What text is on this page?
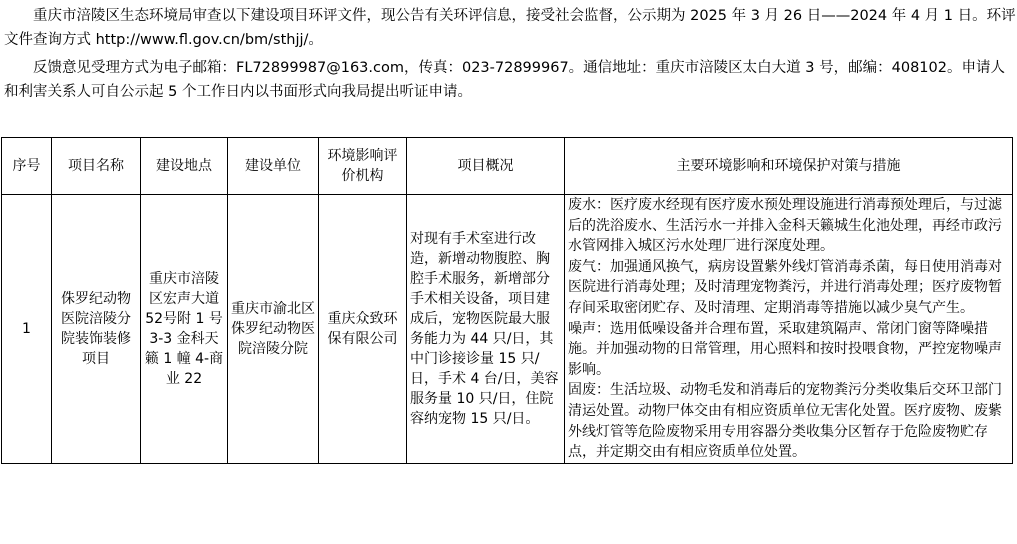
重庆市涪陵区生态环境局审查以下建设项目环评文件，现公告有关环评信息，接受社会监督，公示期为 2025 年 3 月 26 日——2024 年 4 月 1 日。环评文件查询方式 http://www.fl.gov.cn/bm/sthjj/。

反馈意见受理方式为电子邮箱：FL72899987@163.com，传真：023-72899967。通信地址：重庆市涪陵区太白大道 3 号，邮编：408102。申请人和利害关系人可自公示起 5 个工作日内以书面形式向我局提出听证申请。

序号	项目名称	建设地点	建设单位	环境影响评价机构	项目概况	主要环境影响和环境保护对策与措施
1	侏罗纪动物医院涪陵分院装饰装修项目	重庆市涪陵区宏声大道52号附 1 号 3-3 金科天籁 1 幢 4-商业 22	重庆市渝北区侏罗纪动物医院涪陵分院	重庆众致环保有限公司	对现有手术室进行改造，新增动物腹腔、胸腔手术服务，新增部分手术相关设备，项目建成后，宠物医院最大服务能力为 44 只/日，其中门诊接诊量 15 只/日，手术 4 台/日，美容服务量 10 只/日，住院容纳宠物 15 只/日。	废水：医疗废水经现有医疗废水预处理设施进行消毒预处理后，与过滤后的洗浴废水、生活污水一并排入金科天籁城生化池处理，再经市政污水管网排入城区污水处理厂进行深度处理。
废气：加强通风换气，病房设置紫外线灯管消毒杀菌，每日使用消毒对医院进行消毒处理；及时清理宠物粪污，并进行消毒处理；医疗废物暂存间采取密闭贮存、及时清理、定期消毒等措施以减少臭气产生。
噪声：选用低噪设备并合理布置，采取建筑隔声、常闭门窗等降噪措施。并加强动物的日常管理，用心照料和按时投喂食物，严控宠物噪声影响。
固废：生活垃圾、动物毛发和消毒后的宠物粪污分类收集后交环卫部门清运处置。动物尸体交由有相应资质单位无害化处置。医疗废物、废紫外线灯管等危险废物采用专用容器分类收集分区暂存于危险废物贮存点，并定期交由有相应资质单位处置。
